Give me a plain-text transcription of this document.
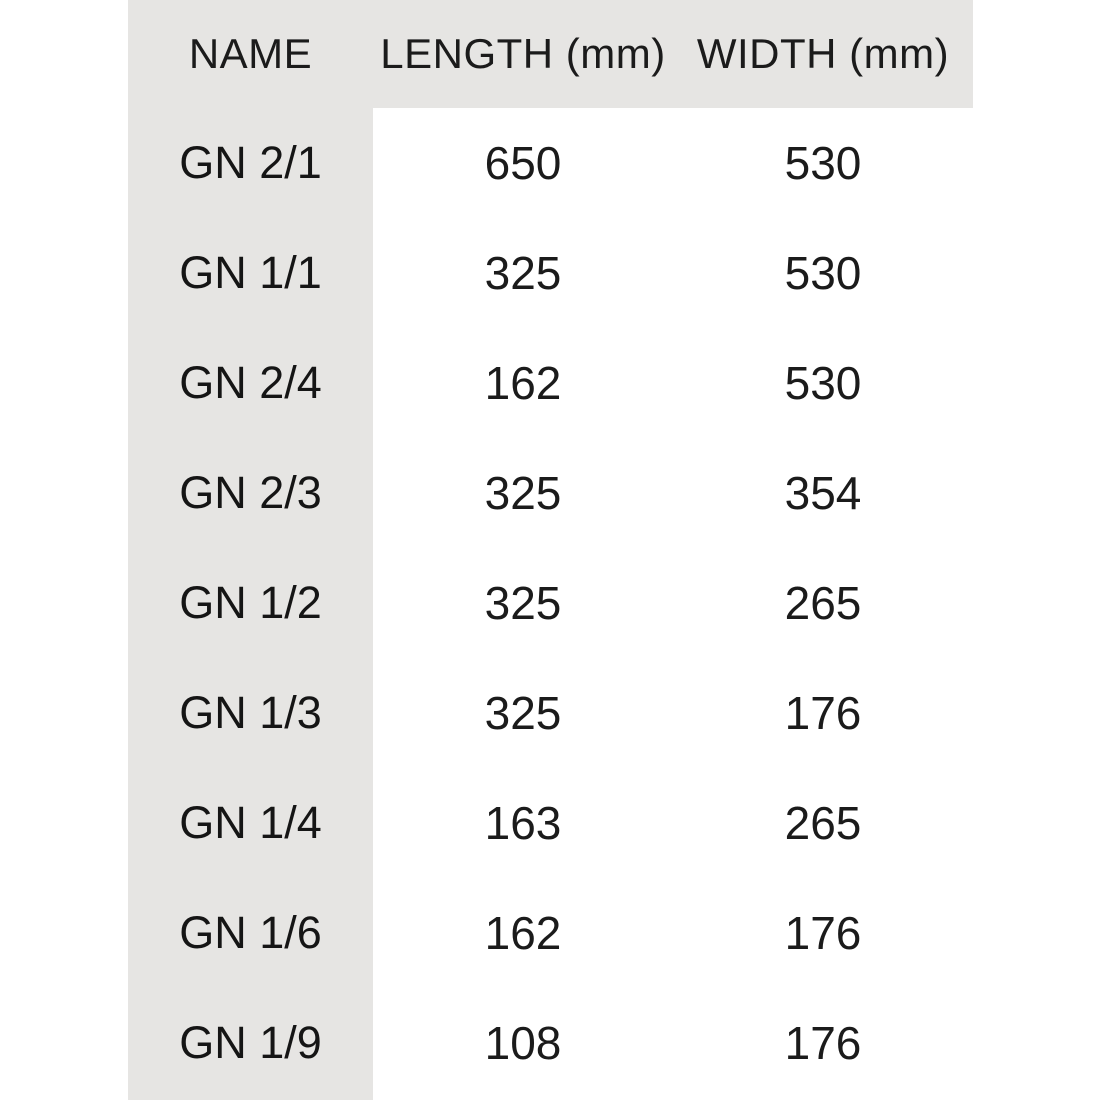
NAME	LENGTH (mm)	WIDTH (mm)
GN 2/1	650	530
GN 1/1	325	530
GN 2/4	162	530
GN 2/3	325	354
GN 1/2	325	265
GN 1/3	325	176
GN 1/4	163	265
GN 1/6	162	176
GN 1/9	108	176
